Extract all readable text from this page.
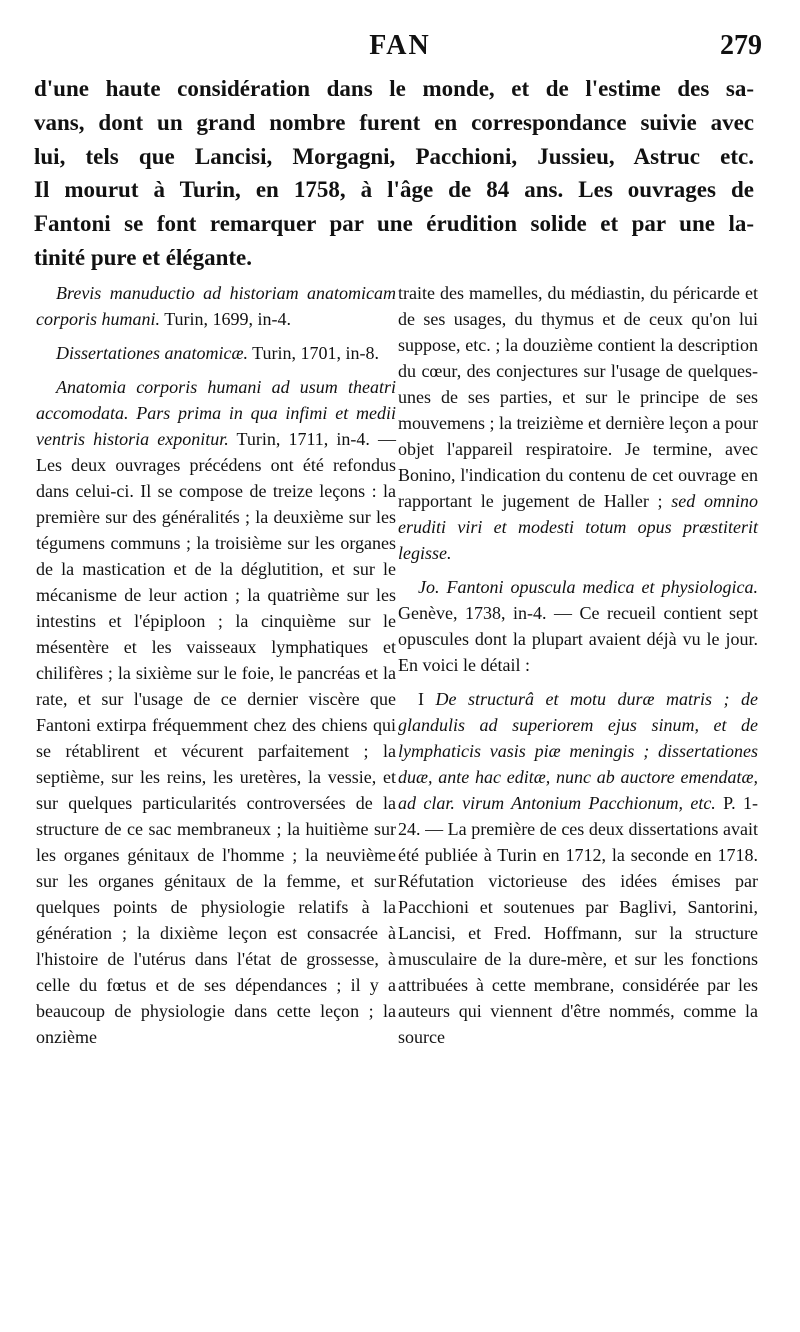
FAN	279
d'une haute considération dans le monde, et de l'estime des sa-
vans, dont un grand nombre furent en correspondance suivie avec
lui, tels que Lancisi, Morgagni, Pacchioni, Jussieu, Astruc etc.
Il mourut à Turin, en 1758, à l'âge de 84 ans. Les ouvrages de
Fantoni se font remarquer par une érudition solide et par une la-
tinité pure et élégante.

Brevis manuductio ad historiam anatomicam corporis humani. Turin, 1699, in-4.

Dissertationes anatomicæ. Turin, 1701, in-8.

Anatomia corporis humani ad usum theatri accomodata. Pars prima in qua infimi et medii ventris historia exponitur. Turin, 1711, in-4. — Les deux ouvrages précédens ont été refondus dans celui-ci. Il se compose de treize leçons : la première sur des généralités ; la deuxième sur les tégumens communs ; la troisième sur les organes de la mastication et de la déglutition, et sur le mécanisme de leur action ; la quatrième sur les intestins et l'épiploon ; la cinquième sur le mésentère et les vaisseaux lymphatiques et chilifères ; la sixième sur le foie, le pancréas et la rate, et sur l'usage de ce dernier viscère que Fantoni extirpa fréquemment chez des chiens qui se rétablirent et vécurent parfaitement ; la septième, sur les reins, les uretères, la vessie, et sur quelques particularités controversées de la structure de ce sac membraneux ; la huitième sur les organes génitaux de l'homme ; la neuvième sur les organes génitaux de la femme, et sur quelques points de physiologie relatifs à la génération ; la dixième leçon est consacrée à l'histoire de l'utérus dans l'état de grossesse, à celle du fœtus et de ses dépendances ; il y a beaucoup de physiologie dans cette leçon ; la onzième

traite des mamelles, du médiastin, du péricarde et de ses usages, du thymus et de ceux qu'on lui suppose, etc. ; la douzième contient la description du cœur, des conjectures sur l'usage de quelques-unes de ses parties, et sur le principe de ses mouvemens ; la treizième et dernière leçon a pour objet l'appareil respiratoire. Je termine, avec Bonino, l'indication du contenu de cet ouvrage en rapportant le jugement de Haller ; sed omnino eruditi viri et modesti totum opus præstiterit legisse.

Jo. Fantoni opuscula medica et physiologica. Genève, 1738, in-4. — Ce recueil contient sept opuscules dont la plupart avaient déjà vu le jour. En voici le détail :

I De structurâ et motu duræ matris ; de glandulis ad superiorem ejus sinum, et de lymphaticis vasis piæ meningis ; dissertationes duæ, ante hac editæ, nunc ab auctore emendatæ, ad clar. virum Antonium Pacchionum, etc. P. 1-24. — La première de ces deux dissertations avait été publiée à Turin en 1712, la seconde en 1718. Réfutation victorieuse des idées émises par Pacchioni et soutenues par Baglivi, Santorini, Lancisi, et Fred. Hoffmann, sur la structure musculaire de la dure-mère, et sur les fonctions attribuées à cette membrane, considérée par les auteurs qui viennent d'être nommés, comme la source
